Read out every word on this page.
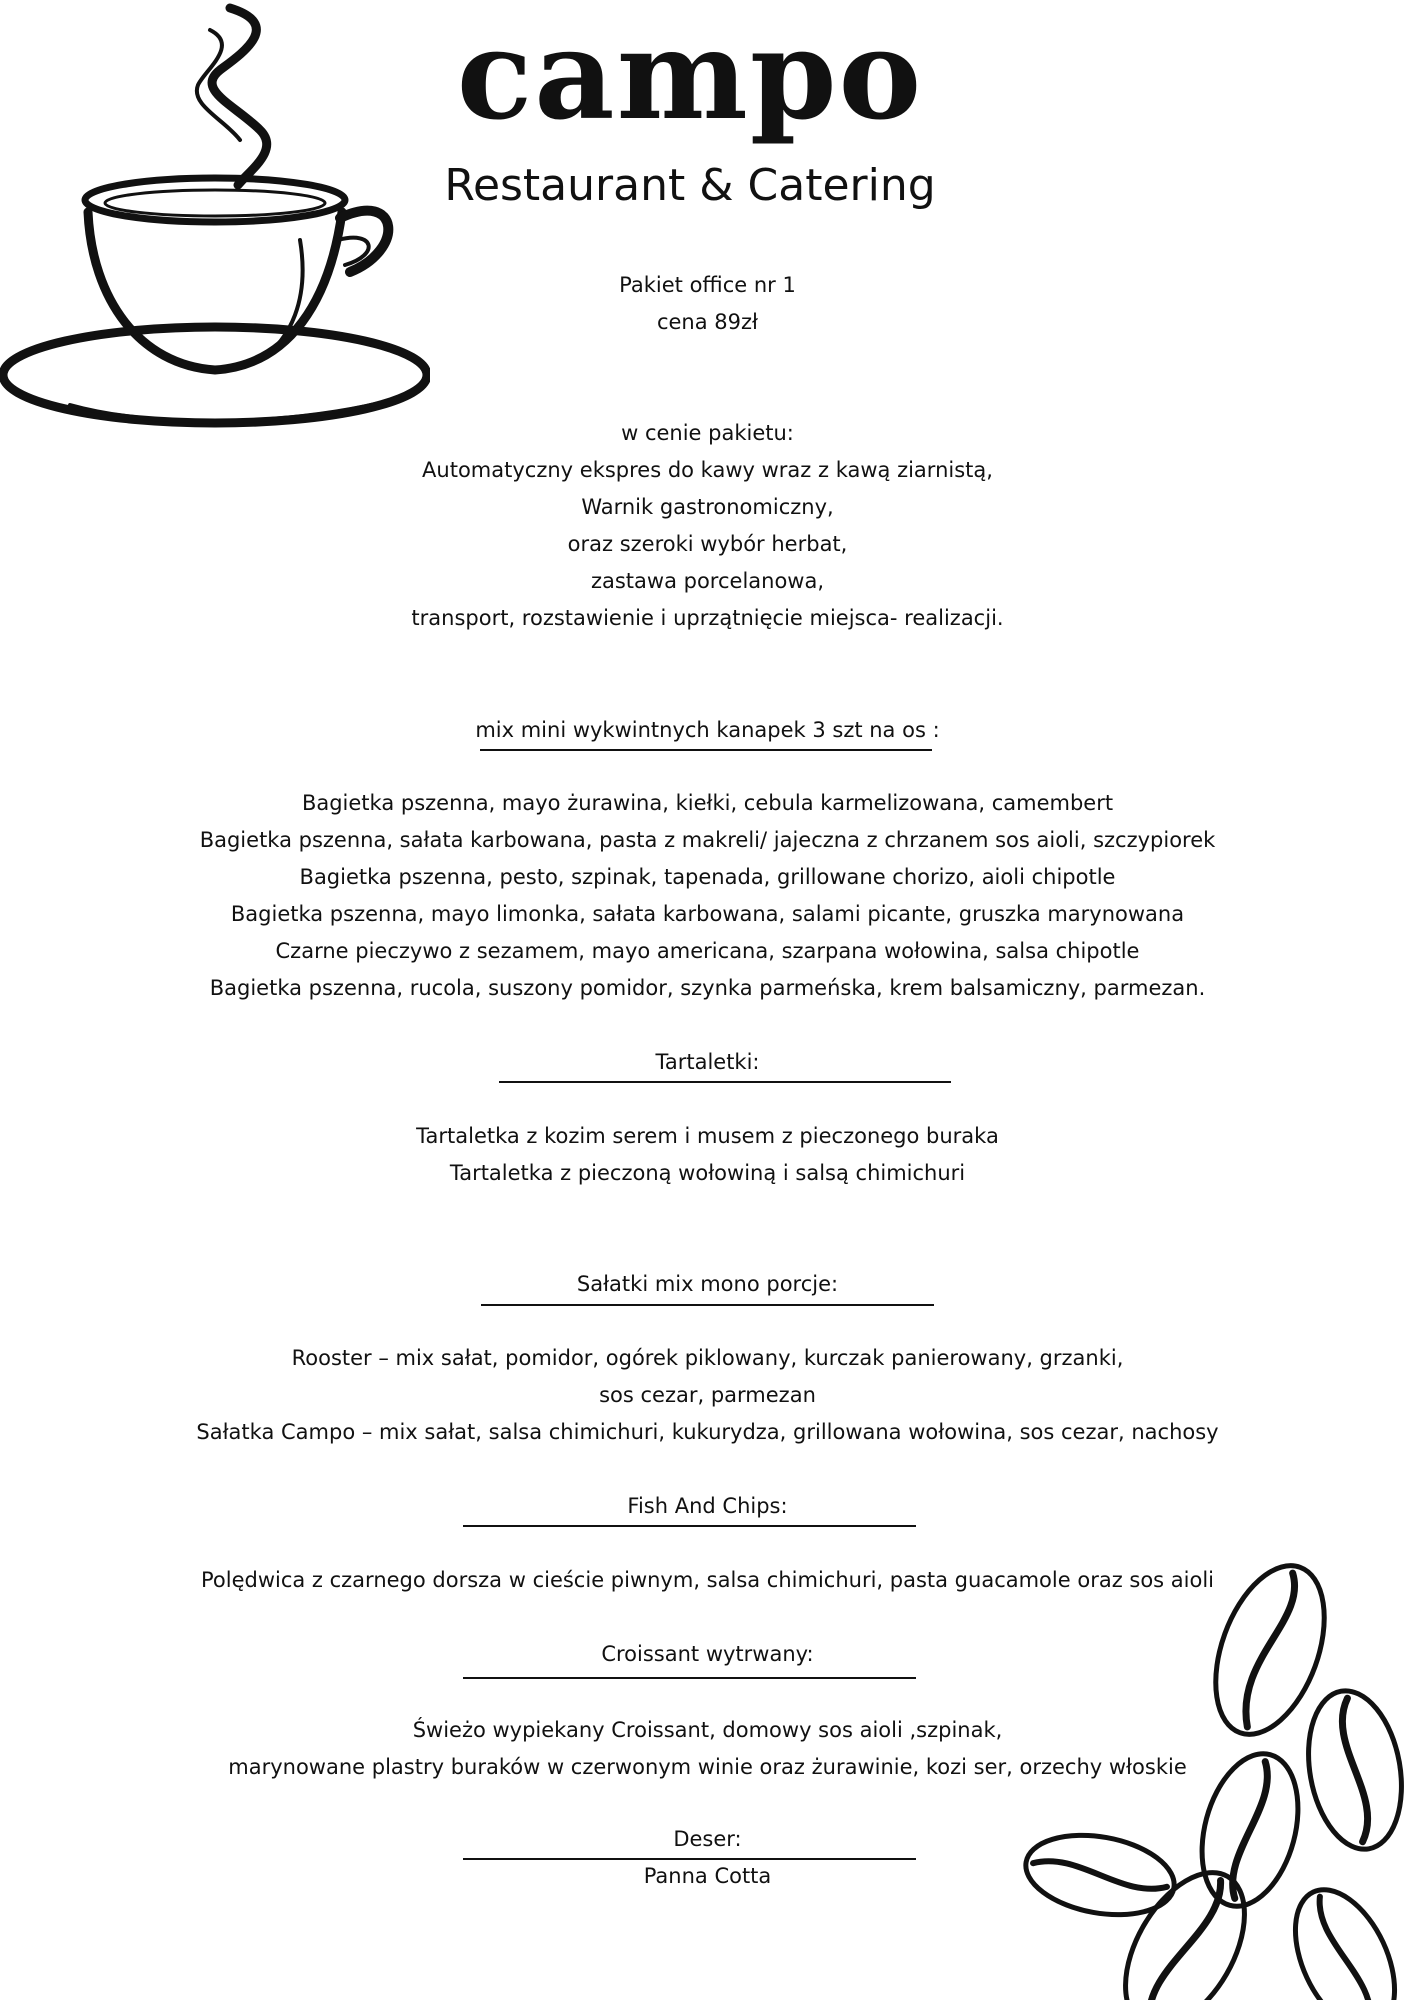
campo
Restaurant & Catering

Pakiet office nr 1

cena 89zł

w cenie pakietu:

Automatyczny ekspres do kawy wraz z kawą ziarnistą,

Warnik gastronomiczny,

oraz szeroki wybór herbat,

zastawa porcelanowa,

transport, rozstawienie i uprzątnięcie miejsca- realizacji.

mix mini wykwintnych kanapek 3 szt na os :

Bagietka pszenna, mayo żurawina, kiełki, cebula karmelizowana, camembert

Bagietka pszenna, sałata karbowana, pasta z makreli/ jajeczna z chrzanem sos aioli, szczypiorek

Bagietka pszenna, pesto, szpinak, tapenada, grillowane chorizo, aioli chipotle

Bagietka pszenna, mayo limonka, sałata karbowana, salami picante, gruszka marynowana

Czarne pieczywo z sezamem, mayo americana, szarpana wołowina, salsa chipotle

Bagietka pszenna, rucola, suszony pomidor, szynka parmeńska, krem balsamiczny, parmezan.

Tartaletki:

Tartaletka z kozim serem i musem z pieczonego buraka

Tartaletka z pieczoną wołowiną i salsą chimichuri

Sałatki mix mono porcje:

Rooster – mix sałat, pomidor, ogórek piklowany, kurczak panierowany, grzanki,

sos cezar, parmezan

Sałatka Campo – mix sałat, salsa chimichuri, kukurydza, grillowana wołowina, sos cezar, nachosy

Fish And Chips:

Polędwica z czarnego dorsza w cieście piwnym, salsa chimichuri, pasta guacamole oraz sos aioli

Croissant wytrwany:

Świeżo wypiekany Croissant, domowy sos aioli ,szpinak,

marynowane plastry buraków w czerwonym winie oraz żurawinie, kozi ser, orzechy włoskie

Deser:

Panna Cotta
